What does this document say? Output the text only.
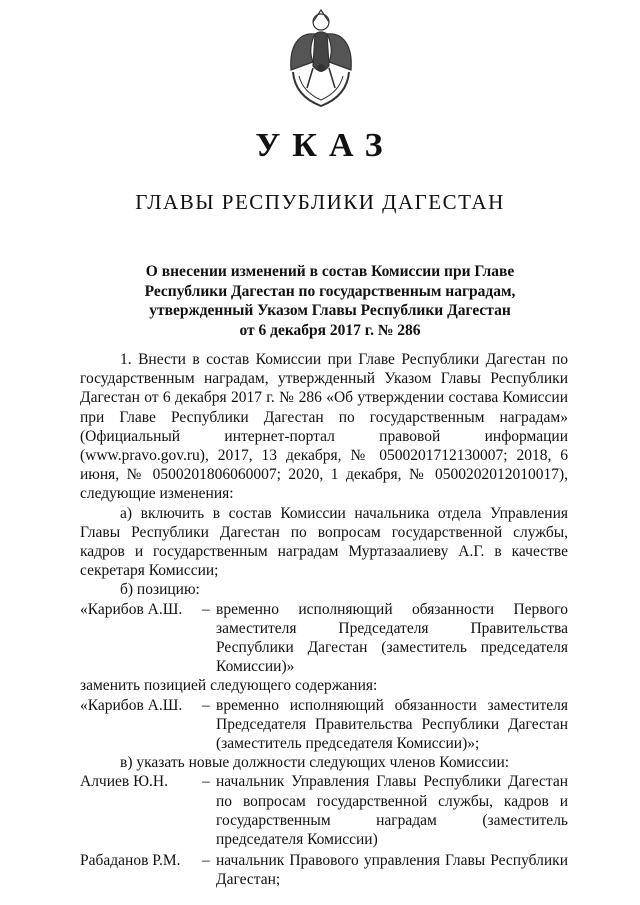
УКАЗ
ГЛАВЫ РЕСПУБЛИКИ ДАГЕСТАН
О внесении изменений в состав Комиссии при Главе
Республики Дагестан по государственным наградам,
утвержденный Указом Главы Республики Дагестан
от 6 декабря 2017 г. № 286

1. Внести в состав Комиссии при Главе Республики Дагестан по государственным наградам, утвержденный Указом Главы Республики Дагестан от 6 декабря 2017 г. № 286 «Об утверждении состава Комиссии при Главе Республики Дагестан по государственным наградам» (Официальный интернет-портал правовой информации (www.pravo.gov.ru), 2017, 13 декабря, № 0500201712130007; 2018, 6 июня, № 0500201806060007; 2020, 1 декабря, № 0500202012010017), следующие изменения:

а) включить в состав Комиссии начальника отдела Управления Главы Республики Дагестан по вопросам государственной службы, кадров и государственным наградам Муртазаалиеву А.Г. в качестве секретаря Комиссии;

б) позицию:

«Карибов А.Ш.	– временно исполняющий обязанности Первого заместителя Председателя Правительства Республики Дагестан (заместитель председателя Комиссии)»

заменить позицией следующего содержания:

«Карибов А.Ш.	– временно исполняющий обязанности заместителя Председателя Правительства Республики Дагестан (заместитель председателя Комиссии)»;

в) указать новые должности следующих членов Комиссии:

Алчиев Ю.Н.	– начальник Управления Главы Республики Дагестан по вопросам государственной службы, кадров и государственным наградам (заместитель председателя Комиссии)
Рабаданов Р.М.	– начальник Правового управления Главы Республики Дагестан;
